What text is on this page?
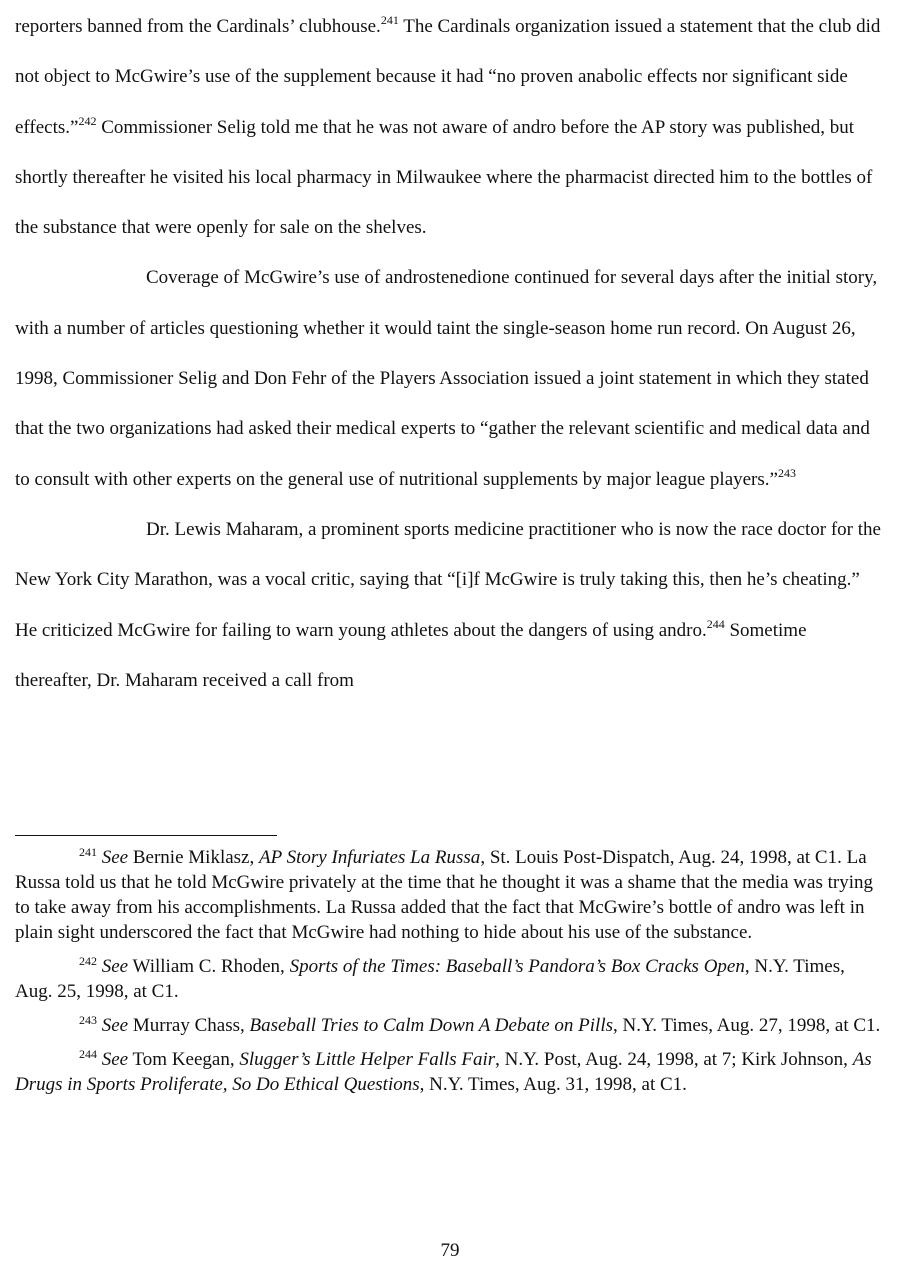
reporters banned from the Cardinals’ clubhouse.$^{241}$ The Cardinals organization issued a statement that the club did not object to McGwire’s use of the supplement because it had “no proven anabolic effects nor significant side effects.”$^{242}$ Commissioner Selig told me that he was not aware of andro before the AP story was published, but shortly thereafter he visited his local pharmacy in Milwaukee where the pharmacist directed him to the bottles of the substance that were openly for sale on the shelves.

Coverage of McGwire’s use of androstenedione continued for several days after the initial story, with a number of articles questioning whether it would taint the single-season home run record. On August 26, 1998, Commissioner Selig and Don Fehr of the Players Association issued a joint statement in which they stated that the two organizations had asked their medical experts to “gather the relevant scientific and medical data and to consult with other experts on the general use of nutritional supplements by major league players.”$^{243}$

Dr. Lewis Maharam, a prominent sports medicine practitioner who is now the race doctor for the New York City Marathon, was a vocal critic, saying that “[i]f McGwire is truly taking this, then he’s cheating.” He criticized McGwire for failing to warn young athletes about the dangers of using andro.$^{244}$ Sometime thereafter, Dr. Maharam received a call from

$^{241}$ See Bernie Miklasz, AP Story Infuriates La Russa, St. Louis Post-Dispatch, Aug. 24, 1998, at C1. La Russa told us that he told McGwire privately at the time that he thought it was a shame that the media was trying to take away from his accomplishments. La Russa added that the fact that McGwire’s bottle of andro was left in plain sight underscored the fact that McGwire had nothing to hide about his use of the substance.

$^{242}$ See William C. Rhoden, Sports of the Times: Baseball’s Pandora’s Box Cracks Open, N.Y. Times, Aug. 25, 1998, at C1.

$^{243}$ See Murray Chass, Baseball Tries to Calm Down A Debate on Pills, N.Y. Times, Aug. 27, 1998, at C1.

$^{244}$ See Tom Keegan, Slugger’s Little Helper Falls Fair, N.Y. Post, Aug. 24, 1998, at 7; Kirk Johnson, As Drugs in Sports Proliferate, So Do Ethical Questions, N.Y. Times, Aug. 31, 1998, at C1.

79
